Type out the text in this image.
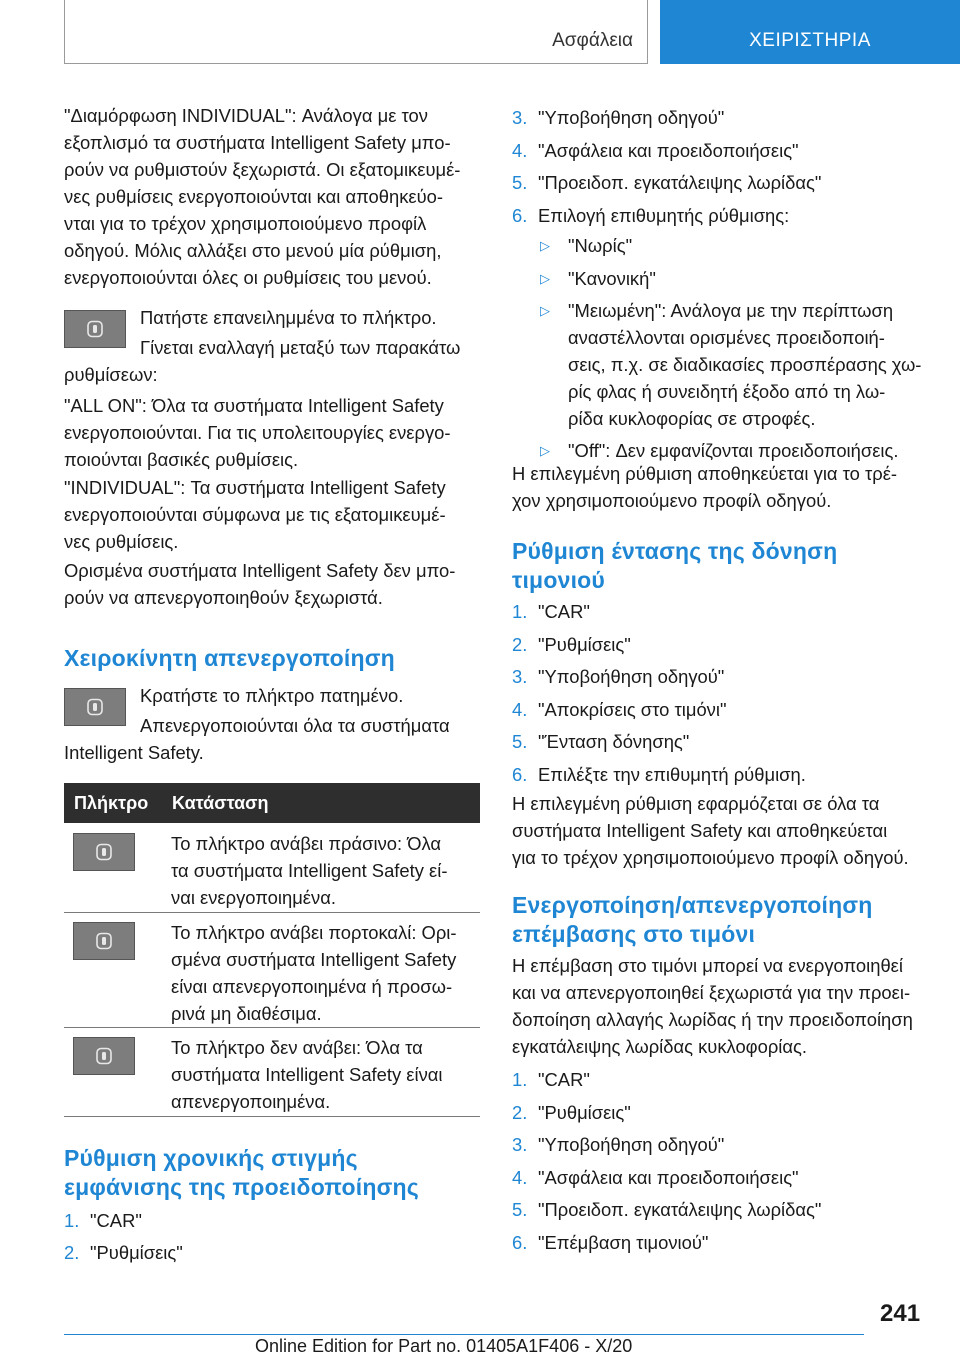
Ασφάλεια	ΧΕΙΡΙΣΤΗΡΙΑ

"Διαμόρφωση INDIVIDUAL": Ανάλογα με τον

εξοπλισμό τα συστήματα Intelligent Safety μπο-

ρούν να ρυθμιστούν ξεχωριστά. Οι εξατομικευμέ-

νες ρυθμίσεις ενεργοποιούνται και αποθηκεύο-

νται για το τρέχον χρησιμοποιούμενο προφίλ

οδηγού. Μόλις αλλάξει στο μενού μία ρύθμιση,

ενεργοποιούνται όλες οι ρυθμίσεις του μενού.

Πατήστε επανειλημμένα το πλήκτρο.

Γίνεται εναλλαγή μεταξύ των παρακάτω

ρυθμίσεων:

"ALL ON": Όλα τα συστήματα Intelligent Safety

ενεργοποιούνται. Για τις υπολειτουργίες ενεργο-

ποιούνται βασικές ρυθμίσεις.

"INDIVIDUAL": Τα συστήματα Intelligent Safety

ενεργοποιούνται σύμφωνα με τις εξατομικευμέ-

νες ρυθμίσεις.

Ορισμένα συστήματα Intelligent Safety δεν μπο-

ρούν να απενεργοποιηθούν ξεχωριστά.

Χειροκίνητη απενεργοποίηση

Κρατήστε το πλήκτρο πατημένο.

Απενεργοποιούνται όλα τα συστήματα

Intelligent Safety.

Πλήκτρο Κατάσταση

Το πλήκτρο ανάβει πράσινο: Όλα

τα συστήματα Intelligent Safety εί-

ναι ενεργοποιημένα.

Το πλήκτρο ανάβει πορτοκαλί: Ορι-

σμένα συστήματα Intelligent Safety

είναι απενεργοποιημένα ή προσω-

ρινά μη διαθέσιμα.

Το πλήκτρο δεν ανάβει: Όλα τα

συστήματα Intelligent Safety είναι

απενεργοποιημένα.

Ρύθμιση χρονικής στιγμής
εμφάνισης της προειδοποίησης

1. "CAR"

2. "Ρυθμίσεις"

3. "Υποβοήθηση οδηγού"

4. "Ασφάλεια και προειδοποιήσεις"

5. "Προειδοπ. εγκατάλειψης λωρίδας"

6. Επιλογή επιθυμητής ρύθμισης:

▷ "Νωρίς"

▷ "Κανονική"

▷ "Μειωμένη": Ανάλογα με την περίπτωση

αναστέλλονται ορισμένες προειδοποιή-

σεις, π.χ. σε διαδικασίες προσπέρασης χω-

ρίς φλας ή συνειδητή έξοδο από τη λω-

ρίδα κυκλοφορίας σε στροφές.

▷ "Off": Δεν εμφανίζονται προειδοποιήσεις.

Η επιλεγμένη ρύθμιση αποθηκεύεται για το τρέ-

χον χρησιμοποιούμενο προφίλ οδηγού.

Ρύθμιση έντασης της δόνηση
τιμονιού

1. "CAR"

2. "Ρυθμίσεις"

3. "Υποβοήθηση οδηγού"

4. "Αποκρίσεις στο τιμόνι"

5. "Ένταση δόνησης"

6. Επιλέξτε την επιθυμητή ρύθμιση.

Η επιλεγμένη ρύθμιση εφαρμόζεται σε όλα τα

συστήματα Intelligent Safety και αποθηκεύεται

για το τρέχον χρησιμοποιούμενο προφίλ οδηγού.

Ενεργοποίηση/απενεργοποίηση
επέμβασης στο τιμόνι

Η επέμβαση στο τιμόνι μπορεί να ενεργοποιηθεί

και να απενεργοποιηθεί ξεχωριστά για την προει-

δοποίηση αλλαγής λωρίδας ή την προειδοποίηση

εγκατάλειψης λωρίδας κυκλοφορίας.

1. "CAR"

2. "Ρυθμίσεις"

3. "Υποβοήθηση οδηγού"

4. "Ασφάλεια και προειδοποιήσεις"

5. "Προειδοπ. εγκατάλειψης λωρίδας"

6. "Επέμβαση τιμονιού"

241
Online Edition for Part no. 01405A1F406 - X/20
